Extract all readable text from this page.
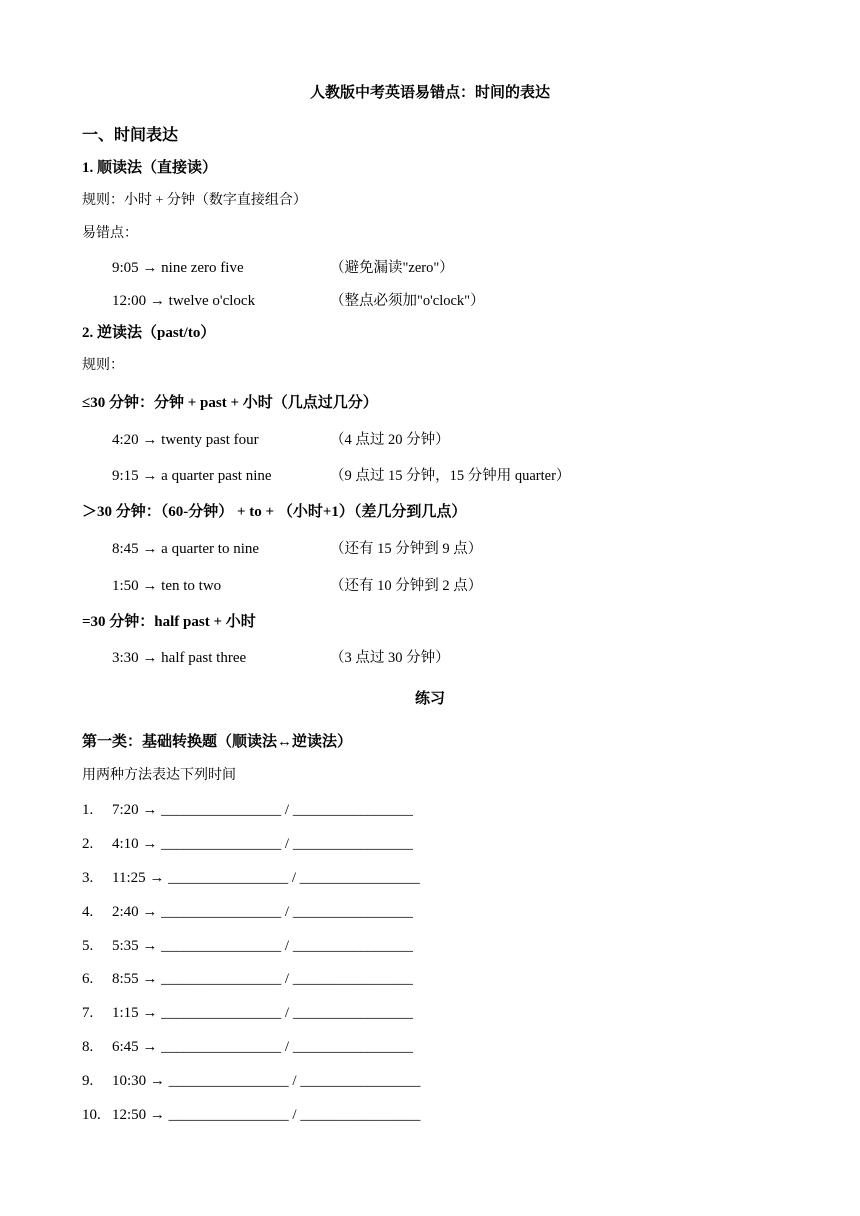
人教版中考英语易错点：时间的表达
一、时间表达
1. 顺读法（直接读）
规则：小时 + 分钟（数字直接组合）
易错点：
9:05 → nine zero five	（避免漏读"zero"）
12:00 → twelve o'clock	（整点必须加"o'clock"）
2. 逆读法（past/to）
规则：
≤30 分钟：分钟 + past + 小时（几点过几分）
4:20 → twenty past four	（4 点过 20 分钟）
9:15 → a quarter past nine	（9 点过 15 分钟，15 分钟用 quarter）
＞30 分钟：（60-分钟） + to + （小时+1）（差几分到几点）
8:45 → a quarter to nine	（还有 15 分钟到 9 点）
1:50 → ten to two	（还有 10 分钟到 2 点）
=30 分钟：half past + 小时
3:30 → half past three	（3 点过 30 分钟）
练习
第一类：基础转换题（顺读法↔逆读法）
用两种方法表达下列时间
1.	7:20 → ________________ / ________________
2.	4:10 → ________________ / ________________
3.	11:25 → ________________ / ________________
4.	2:40 → ________________ / ________________
5.	5:35 → ________________ / ________________
6.	8:55 → ________________ / ________________
7.	1:15 → ________________ / ________________
8.	6:45 → ________________ / ________________
9.	10:30 → ________________ / ________________
10. 12:50 → ________________ / ________________
